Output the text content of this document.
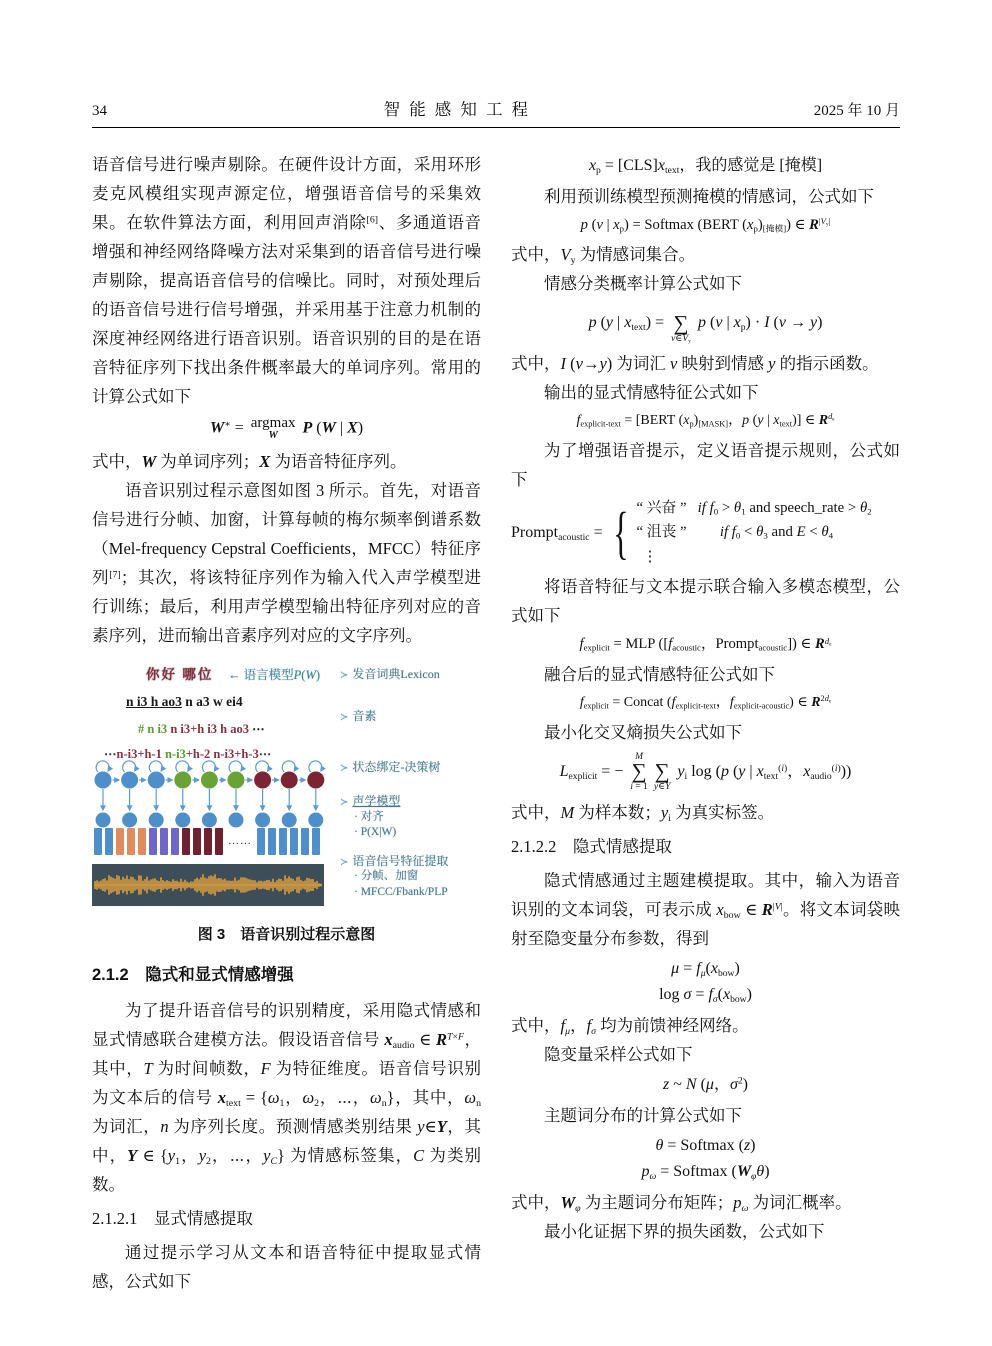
34	智能感知工程	2025 年 10 月

语音信号进行噪声剔除。在硬件设计方面，采用环形麦克风模组实现声源定位，增强语音信号的采集效果。在软件算法方面，利用回声消除[6]、多通道语音增强和神经网络降噪方法对采集到的语音信号进行噪声剔除，提高语音信号的信噪比。同时，对预处理后的语音信号进行信号增强，并采用基于注意力机制的深度神经网络进行语音识别。语音识别的目的是在语音特征序列下找出条件概率最大的单词序列。常用的计算公式如下

W∗ = argmax
W P (W | X)

式中，W 为单词序列；X 为语音特征序列。

语音识别过程示意图如图 3 所示。首先，对语音信号进行分帧、加窗，计算每帧的梅尔频率倒谱系数（Mel-frequency Cepstral Coefficients，MFCC）特征序列[7]；其次，将该特征序列作为输入代入声学模型进行训练；最后，利用声学模型输出特征序列对应的音素序列，进而输出音素序列对应的文字序列。

你好 哪位 ← 语言模型P(W)
n i3 h ao3 n a3 w ei4
# n i3 n i3+h i3 h ao3 ⋯
⋯n-i3+h-1 n-i3+h-2 n-i3+h-3⋯
……
≻ 发音词典Lexicon
≻ 音素
≻ 状态绑定-决策树
≻ 声学模型
· 对齐
· P(X|W)
≻ 语音信号特征提取
· 分帧、加窗
· MFCC/Fbank/PLP
图 3　语音识别过程示意图
2.1.2　隐式和显式情感增强

为了提升语音信号的识别精度，采用隐式情感和显式情感联合建模方法。假设语音信号 $x_{audio}$ ∈ $R^{T\times F}$，其中，T 为时间帧数，F 为特征维度。语音信号识别为文本后的信号 $x_{text} = \{\omega_1$，$\omega_2$，⋯，$\omega_n$}，其中，$\omega_n$ 为词汇，n 为序列长度。预测情感类别结果 y∈Y，其中，Y ∈ {$y_1$，$y_2$，⋯，$y_C$} 为情感标签集，C 为类别数。

2.1.2.1　显式情感提取

通过提示学习从文本和语音特征中提取显式情感，公式如下

$x_p = [CLS]x_{text}$，我的感觉是 [掩模]

利用预训练模型预测掩模的情感词，公式如下

p (v | $x_p$) = Softmax (BERT $(x_p)_{[掩模]}$) ∈ $R^{|V_y|}$

式中，$V_y$ 为情感词集合。

情感分类概率计算公式如下

p (y | $x_{text}$) =
∑
$v\in V_y$
p (v | $x_p) \cdot I$ (v → y)

式中，I (v→y) 为词汇 v 映射到情感 y 的指示函数。

输出的显式情感特征公式如下

$f_{explicit-text}$ = [BERT $(x_p)_{[MASK]}$，p (y | $x_{text}$)] ∈ $R^{d_e}$

为了增强语音提示，定义语音提示规则，公式如下

Prompt$_{acoustic}$ = { “ 兴奋 ”   if $f_0 > \theta_1$ and speech_rate > $\theta_2$
“ 沮丧 ”         if $f_0 < \theta_3$ and $E < \theta_4$
⋮

将语音特征与文本提示联合输入多模态模型，公式如下

$f_{explicit}$ = MLP ([$f_{acoustic}$，Prompt$_{acoustic}$]) ∈ $R^{d_e}$

融合后的显式情感特征公式如下

$f_{explicit}$ = Concat ($f_{explicit-text}$，$f_{explicit-acoustic}$) ∈ $R^{2d_e}$

最小化交叉熵损失公式如下

$L_{explicit}$ = −
M
∑
i = 1

∑
y∈Y
$y_i$ log (p (y | $x_{text}^{(i)}$，$x_{audio}^{(i)}$))

式中，M 为样本数；$y_i$ 为真实标签。

2.1.2.2　隐式情感提取

隐式情感通过主题建模提取。其中，输入为语音识别的文本词袋，可表示成 $x_{bow}$ ∈ $R^{|V|}$。将文本词袋映射至隐变量分布参数，得到

$\mu = f_\mu(x_{bow})$
$\log \sigma = f_\sigma(x_{bow})$

式中，$f_\mu$，$f_\sigma$ 均为前馈神经网络。

隐变量采样公式如下

z ~ N (μ，$\sigma^2$)

主题词分布的计算公式如下

θ = Softmax (z)
$p_\omega$ = Softmax $(W_\varphi\theta)$

式中，$W_\varphi$ 为主题词分布矩阵；$p_\omega$ 为词汇概率。

最小化证据下界的损失函数，公式如下
